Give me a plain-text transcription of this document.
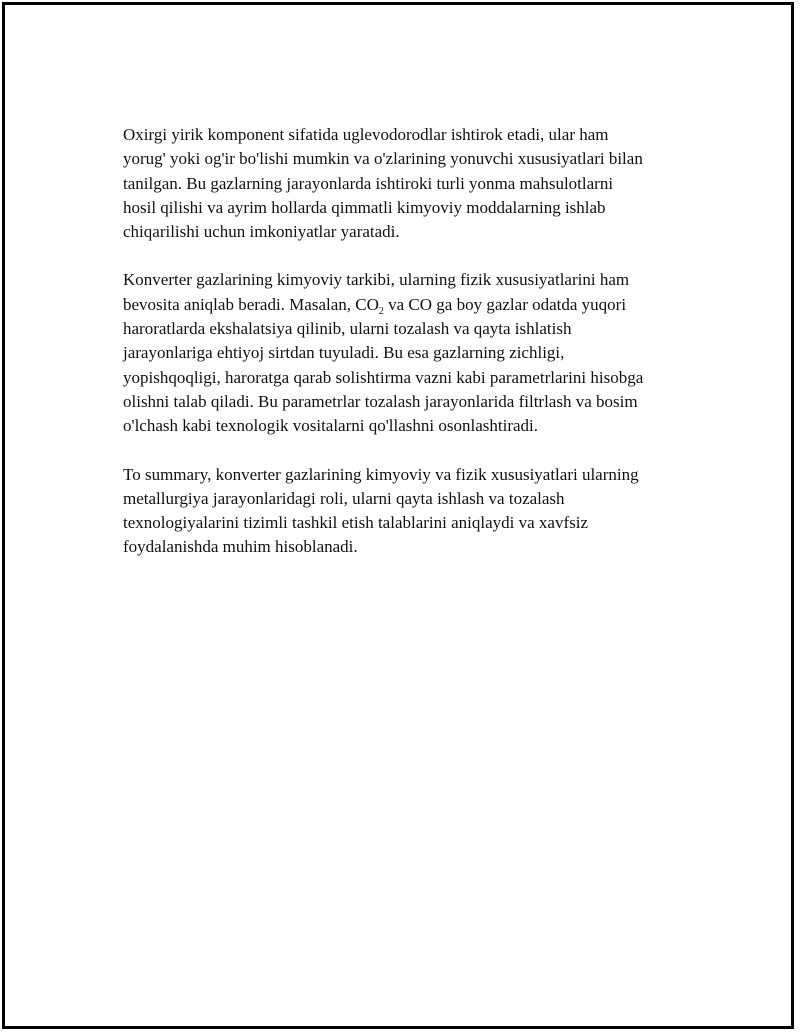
Oxirgi yirik komponent sifatida uglevodorodlar ishtirok etadi, ular ham
yorug' yoki og'ir bo'lishi mumkin va o'zlarining yonuvchi xususiyatlari bilan
tanilgan. Bu gazlarning jarayonlarda ishtiroki turli yonma mahsulotlarni
hosil qilishi va ayrim hollarda qimmatli kimyoviy moddalarning ishlab
chiqarilishi uchun imkoniyatlar yaratadi.

Konverter gazlarining kimyoviy tarkibi, ularning fizik xususiyatlarini ham
bevosita aniqlab beradi. Masalan, $CO_2$ va CO ga boy gazlar odatda yuqori
haroratlarda ekshalatsiya qilinib, ularni tozalash va qayta ishlatish
jarayonlariga ehtiyoj sirtdan tuyuladi. Bu esa gazlarning zichligi,
yopishqoqligi, haroratga qarab solishtirma vazni kabi parametrlarini hisobga
olishni talab qiladi. Bu parametrlar tozalash jarayonlarida filtrlash va bosim
o'lchash kabi texnologik vositalarni qo'llashni osonlashtiradi.

To summary, konverter gazlarining kimyoviy va fizik xususiyatlari ularning
metallurgiya jarayonlaridagi roli, ularni qayta ishlash va tozalash
texnologiyalarini tizimli tashkil etish talablarini aniqlaydi va xavfsiz
foydalanishda muhim hisoblanadi.
